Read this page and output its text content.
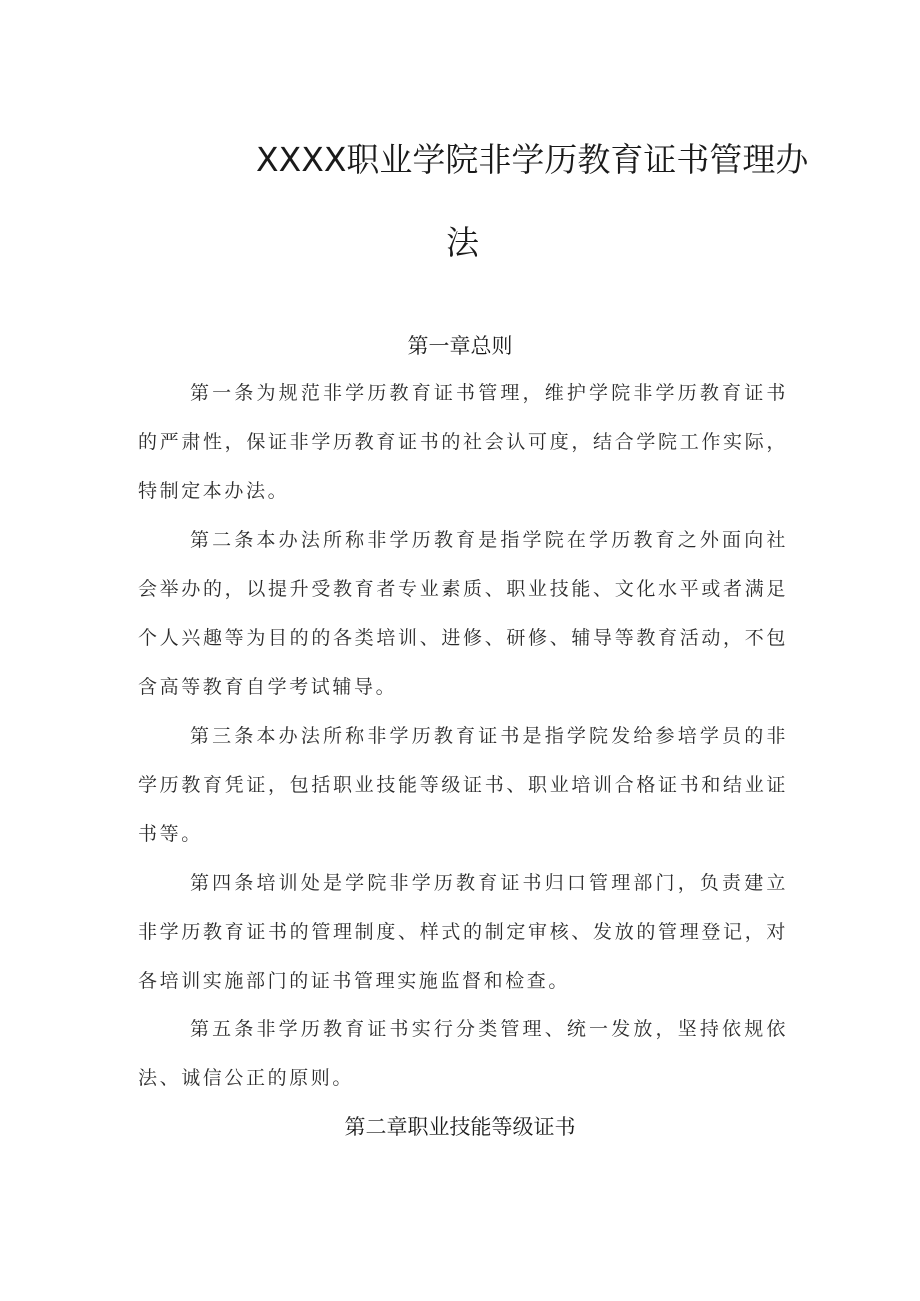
XXXX职业学院非学历教育证书管理办
法
第一章总则

第一条为规范非学历教育证书管理，维护学院非学历教育证书的严肃性，保证非学历教育证书的社会认可度，结合学院工作实际，特制定本办法。

第二条本办法所称非学历教育是指学院在学历教育之外面向社会举办的，以提升受教育者专业素质、职业技能、文化水平或者满足个人兴趣等为目的的各类培训、进修、研修、辅导等教育活动，不包含高等教育自学考试辅导。

第三条本办法所称非学历教育证书是指学院发给参培学员的非学历教育凭证，包括职业技能等级证书、职业培训合格证书和结业证书等。

第四条培训处是学院非学历教育证书归口管理部门，负责建立非学历教育证书的管理制度、样式的制定审核、发放的管理登记，对各培训实施部门的证书管理实施监督和检查。

第五条非学历教育证书实行分类管理、统一发放，坚持依规依法、诚信公正的原则。

第二章职业技能等级证书
